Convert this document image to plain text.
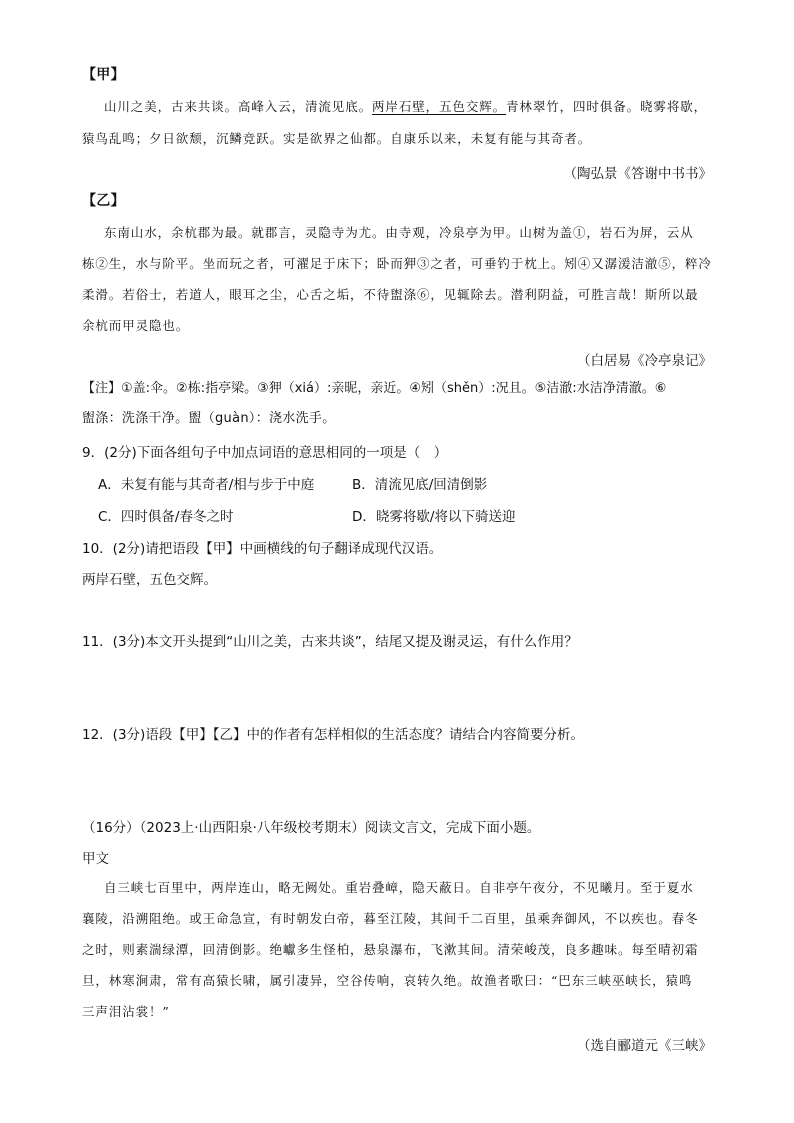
【甲】
山川之美，古来共谈。高峰入云，清流见底。两岸石壁，五色交辉。青林翠竹，四时俱备。晓雾将歇，
猿鸟乱鸣；夕日欲颓，沉鳞竞跃。实是欲界之仙都。自康乐以来，未复有能与其奇者。
（陶弘景《答谢中书书》
【乙】
东南山水，余杭郡为最。就郡言，灵隐寺为尤。由寺观，冷泉亭为甲。山树为盖①，岩石为屏，云从
栋②生，水与阶平。坐而玩之者，可濯足于床下；卧而狎③之者，可垂钓于枕上。矧④又潺湲洁澈⑤，粹冷
柔滑。若俗士，若道人，眼耳之尘，心舌之垢，不待盥涤⑥，见辄除去。潜利阴益，可胜言哉！斯所以最
余杭而甲灵隐也。
（白居易《冷亭泉记》
【注】①盖:伞。②栋:指亭梁。③狎（xiá）:亲昵，亲近。④矧（shěn）:况且。⑤洁澈:水洁净清澈。⑥
盥涤：洗涤干净。盥（guàn）：浇水洗手。
9．(2分)下面各组句子中加点词语的意思相同的一项是（　）
A．未复有能与其奇者/相与步于中庭	B．清流见底/回清倒影
C．四时俱备/春冬之时	D．晓雾将歇/将以下骑送迎
10．(2分)请把语段【甲】中画横线的句子翻译成现代汉语。
两岸石壁，五色交辉。
11．(3分)本文开头提到“山川之美，古来共谈”，结尾又提及谢灵运，有什么作用？
12．(3分)语段【甲】【乙】中的作者有怎样相似的生活态度？请结合内容简要分析。
（16分）（2023上·山西阳泉·八年级校考期末）阅读文言文，完成下面小题。
甲文
自三峡七百里中，两岸连山，略无阙处。重岩叠嶂，隐天蔽日。自非亭午夜分，不见曦月。至于夏水
襄陵，沿溯阻绝。或王命急宣，有时朝发白帝，暮至江陵，其间千二百里，虽乘奔御风，不以疾也。春冬
之时，则素湍绿潭，回清倒影。绝巘多生怪柏，悬泉瀑布，飞漱其间。清荣峻茂，良多趣味。每至晴初霜
旦，林寒涧肃，常有高猿长啸，属引凄异，空谷传响，哀转久绝。故渔者歌曰：“巴东三峡巫峡长，猿鸣
三声泪沾裳！”
（选自郦道元《三峡》
